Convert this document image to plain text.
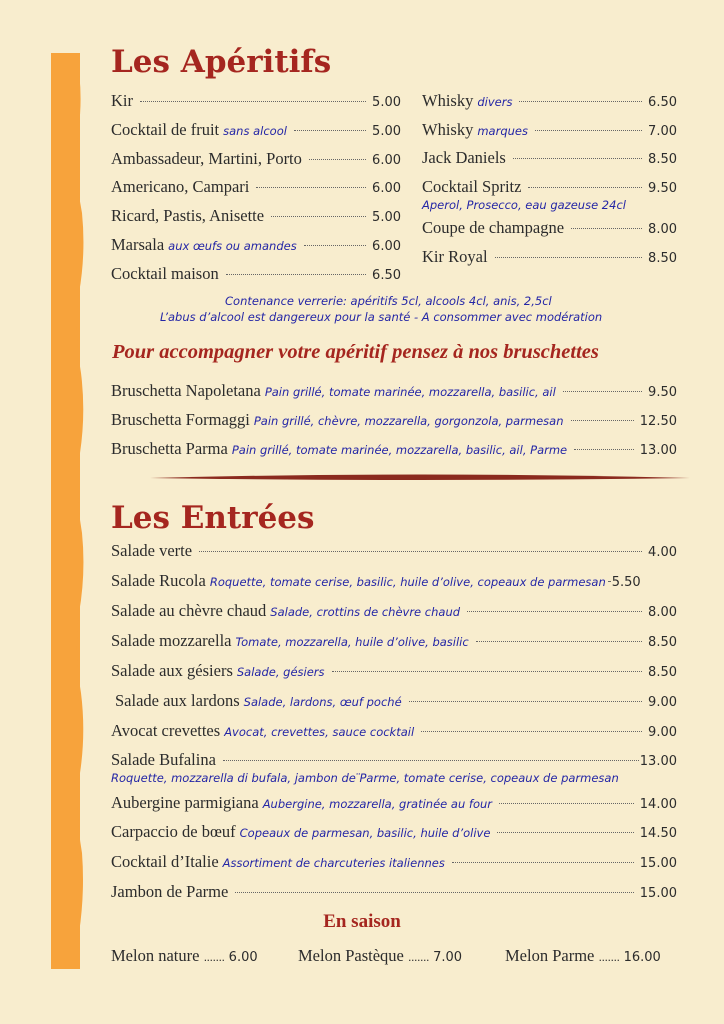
Les Apéritifs
Kir	5.00
Cocktail de fruit sans alcool	5.00
Ambassadeur, Martini, Porto	6.00
Americano, Campari	6.00
Ricard, Pastis, Anisette	5.00
Marsala aux œufs ou amandes	6.00
Cocktail maison	6.50
Whisky divers	6.50
Whisky marques	7.00
Jack Daniels	8.50
Cocktail Spritz	9.50
Aperol, Prosecco, eau gazeuse 24cl
Coupe de champagne	8.00
Kir Royal	8.50
Contenance verrerie: apéritifs 5cl, alcools 4cl, anis, 2,5cl
L’abus d’alcool est dangereux pour la santé - A consommer avec modération
Pour accompagner votre apéritif pensez à nos bruschettes
Bruschetta Napoletana Pain grillé, tomate marinée, mozzarella, basilic, ail	9.50
Bruschetta Formaggi Pain grillé, chèvre, mozzarella, gorgonzola, parmesan	12.50
Bruschetta Parma Pain grillé, tomate marinée, mozzarella, basilic, ail, Parme	13.00
Les Entrées
Salade verte	4.00
Salade Rucola Roquette, tomate cerise, basilic, huile d’olive, copeaux de parmesan 5.50
Salade au chèvre chaud Salade, crottins de chèvre chaud	8.00
Salade mozzarella Tomate, mozzarella, huile d’olive, basilic	8.50
Salade aux gésiers Salade, gésiers	8.50
Salade aux lardons Salade, lardons, œuf poché	9.00
Avocat crevettes Avocat, crevettes, sauce cocktail	9.00
Salade Bufalina	13.00
Roquette, mozzarella di bufala, jambon de ̈Parme, tomate cerise, copeaux de parmesan
Aubergine parmigiana Aubergine, mozzarella, gratinée au four	14.00
Carpaccio de bœuf Copeaux de parmesan, basilic, huile d’olive	14.50
Cocktail d’Italie Assortiment de charcuteries italiennes	15.00
Jambon de Parme	15.00
En saison
Melon nature ....... 6.00 Melon Pastèque ....... 7.00	Melon Parme ....... 16.00
